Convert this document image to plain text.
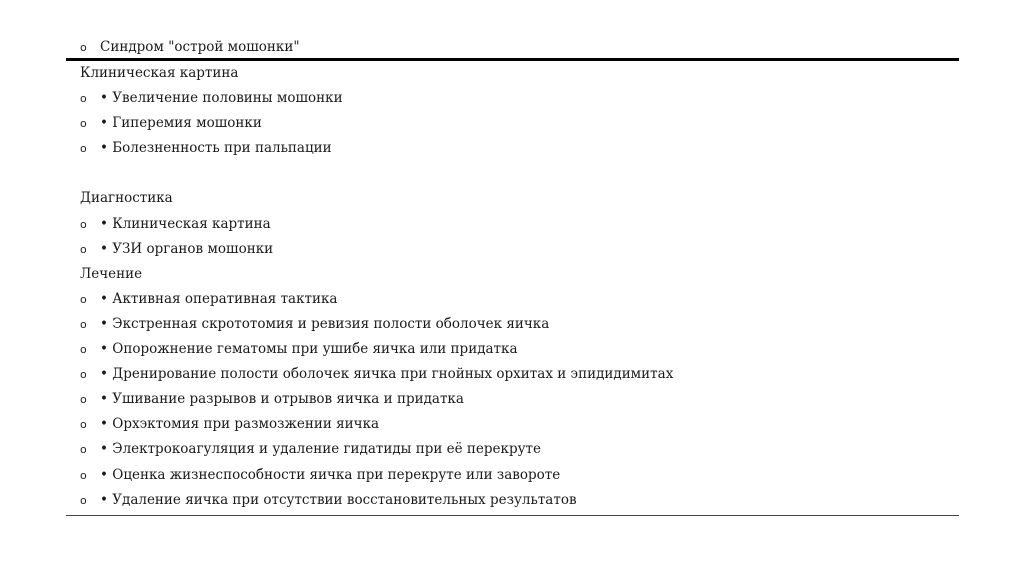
o Синдром "острой мошонки"
Клиническая картина
o • Увеличение половины мошонки
o • Гиперемия мошонки
o • Болезненность при пальпации
Диагностика
o • Клиническая картина
o • УЗИ органов мошонки
Лечение
o • Активная оперативная тактика
o • Экстренная скрототомия и ревизия полости оболочек яичка
o • Опорожнение гематомы при ушибе яичка или придатка
o • Дренирование полости оболочек яичка при гнойных орхитах и эпидидимитах
o • Ушивание разрывов и отрывов яичка и придатка
o • Орхэктомия при размозжении яичка
o • Электрокоагуляция и удаление гидатиды при её перекруте
o • Оценка жизнеспособности яичка при перекруте или завороте
o • Удаление яичка при отсутствии восстановительных результатов
